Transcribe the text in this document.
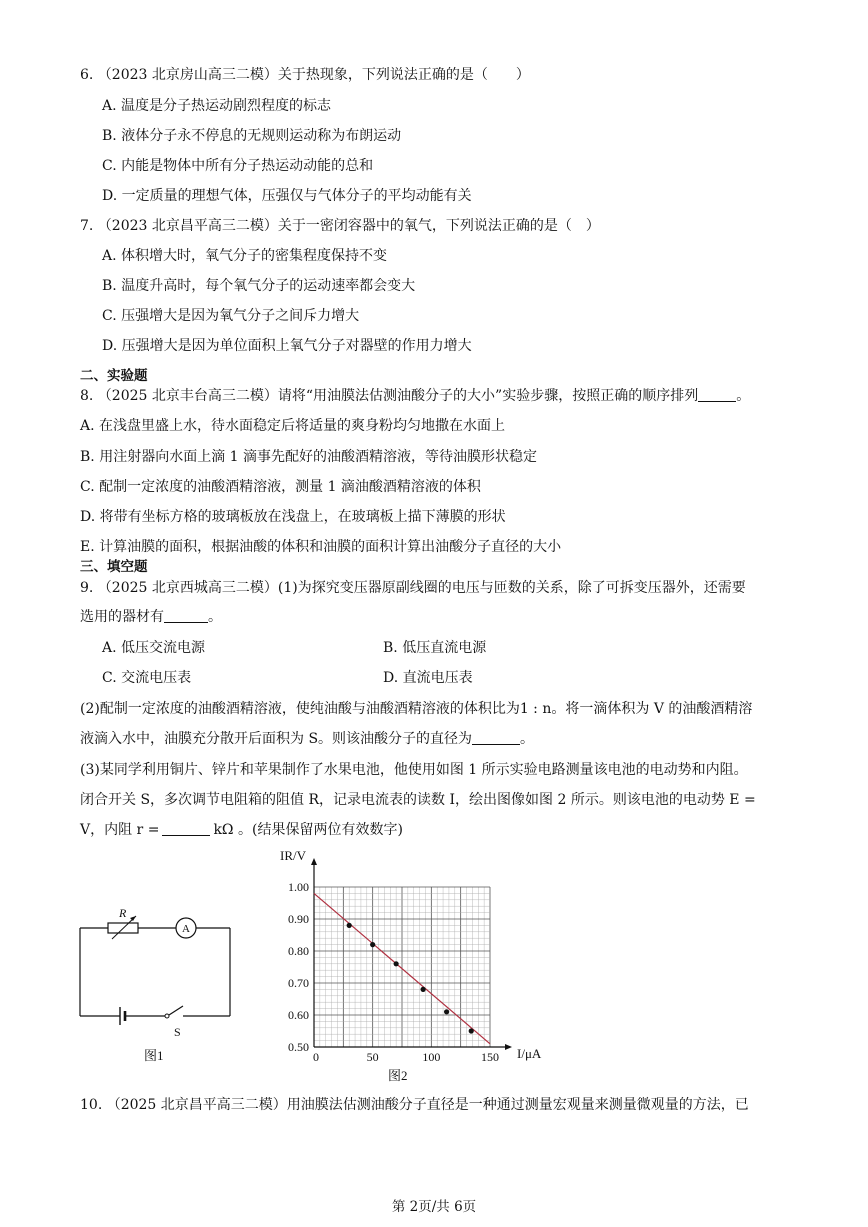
6. （2023 北京房山高三二模）关于热现象，下列说法正确的是（　　）
A. 温度是分子热运动剧烈程度的标志
B. 液体分子永不停息的无规则运动称为布朗运动
C. 内能是物体中所有分子热运动动能的总和
D. 一定质量的理想气体，压强仅与气体分子的平均动能有关
7. （2023 北京昌平高三二模）关于一密闭容器中的氧气，下列说法正确的是（　）
A. 体积增大时，氧气分子的密集程度保持不变
B. 温度升高时，每个氧气分子的运动速率都会变大
C. 压强增大是因为氧气分子之间斥力增大
D. 压强增大是因为单位面积上氧气分子对器壁的作用力增大
二、实验题
8. （2025 北京丰台高三二模）请将“用油膜法估测油酸分子的大小”实验步骤，按照正确的顺序排列	。
A. 在浅盘里盛上水，待水面稳定后将适量的爽身粉均匀地撒在水面上
B. 用注射器向水面上滴 1 滴事先配好的油酸酒精溶液，等待油膜形状稳定
C. 配制一定浓度的油酸酒精溶液，测量 1 滴油酸酒精溶液的体积
D. 将带有坐标方格的玻璃板放在浅盘上，在玻璃板上描下薄膜的形状
E. 计算油膜的面积，根据油酸的体积和油膜的面积计算出油酸分子直径的大小
三、填空题
9. （2025 北京西城高三二模）(1)为探究变压器原副线圈的电压与匝数的关系，除了可拆变压器外，还需要
选用的器材有	。
A. 低压交流电源	B. 低压直流电源
C. 交流电压表	D. 直流电压表
(2)配制一定浓度的油酸酒精溶液，使纯油酸与油酸酒精溶液的体积比为1 : n。将一滴体积为 V 的油酸酒精溶
液滴入水中，油膜充分散开后面积为 S。则该油酸分子的直径为	。
(3)某同学利用铜片、锌片和苹果制作了水果电池，他使用如图 1 所示实验电路测量该电池的电动势和内阻。
闭合开关 S，多次调节电阻箱的阻值 R，记录电流表的读数 I，绘出图像如图 2 所示。则该电池的电动势 E =
V，内阻 r =	kΩ 。(结果保留两位有效数字)
R
A
S
图1
0.50
0.60
0.70
0.80
0.90
1.00
0	50	100	150
IR/V
I/μA
图2
10. （2025 北京昌平高三二模）用油膜法估测油酸分子直径是一种通过测量宏观量来测量微观量的方法，已
第 2页/共 6页
